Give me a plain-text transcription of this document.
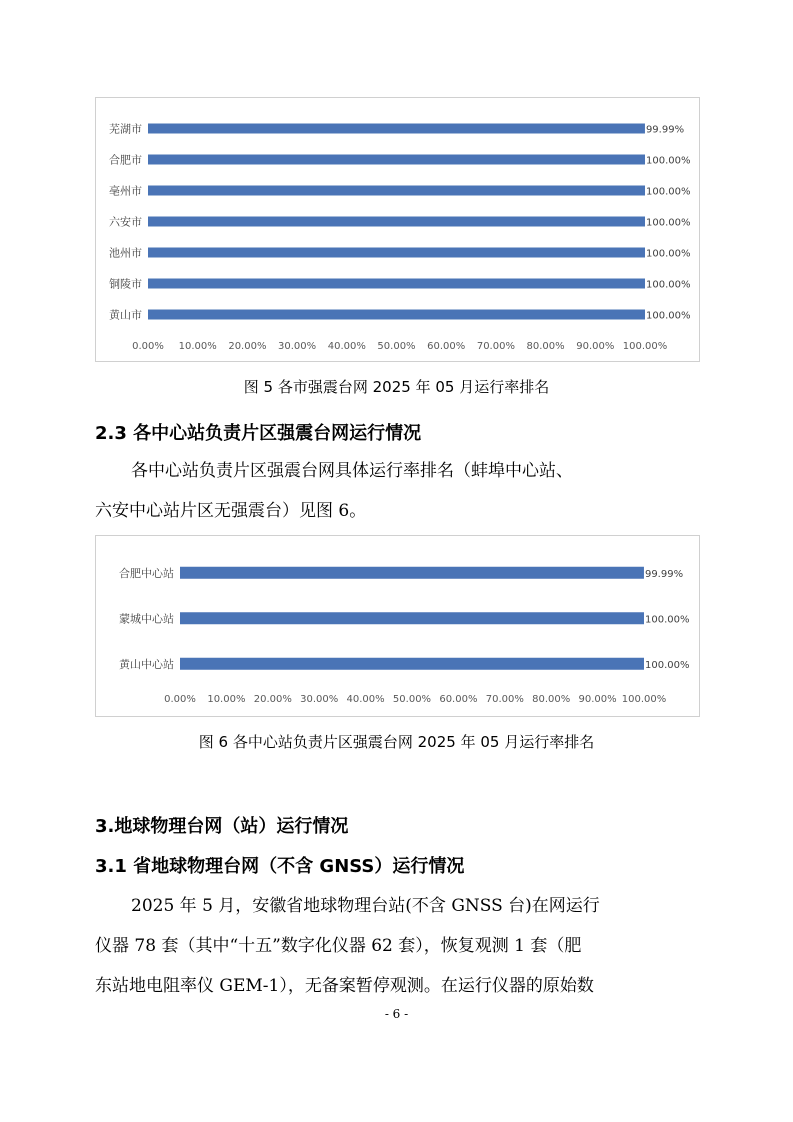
芜湖市	99.99%
合肥市	100.00%
亳州市	100.00%
六安市	100.00%
池州市	100.00%
铜陵市	100.00%
黄山市	100.00%
0.00% 10.00% 20.00% 30.00% 40.00% 50.00% 60.00% 70.00% 80.00% 90.00% 100.00%
图 5 各市强震台网 2025 年 05 月运行率排名
2.3 各中心站负责片区强震台网运行情况
各中心站负责片区强震台网具体运行率排名（蚌埠中心站、
六安中心站片区无强震台）见图 6。
合肥中心站	99.99%
蒙城中心站	100.00%
黄山中心站	100.00%
0.00% 10.00% 20.00% 30.00% 40.00% 50.00% 60.00% 70.00% 80.00% 90.00% 100.00%
图 6 各中心站负责片区强震台网 2025 年 05 月运行率排名
3.地球物理台网（站）运行情况
3.1 省地球物理台网（不含 GNSS）运行情况
2025 年 5 月，安徽省地球物理台站(不含 GNSS 台)在网运行
仪器 78 套（其中“十五”数字化仪器 62 套），恢复观测 1 套（肥
东站地电阻率仪 GEM-1），无备案暂停观测。在运行仪器的原始数
- 6 -
